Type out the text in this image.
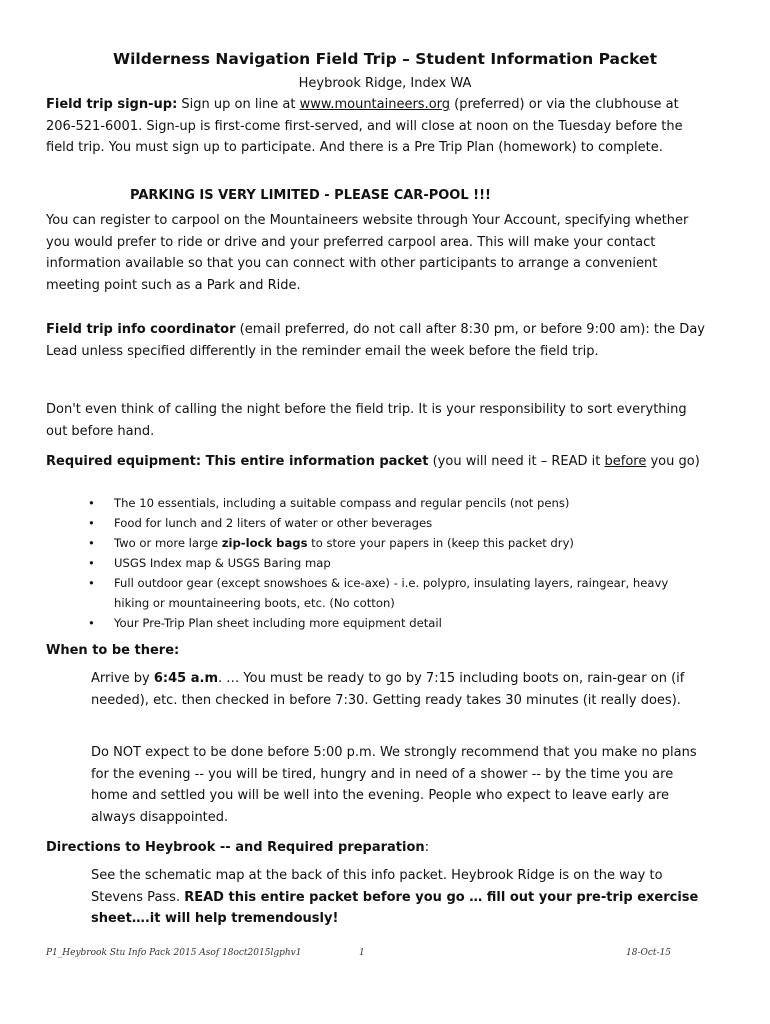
Wilderness Navigation Field Trip – Student Information Packet

Heybrook Ridge, Index WA

Field trip sign-up: Sign up on line at www.mountaineers.org (preferred) or via the clubhouse at 206-521-6001. Sign-up is first-come first-served, and will close at noon on the Tuesday before the field trip. You must sign up to participate. And there is a Pre Trip Plan (homework) to complete.

PARKING IS VERY LIMITED - PLEASE CAR-POOL !!!

You can register to carpool on the Mountaineers website through Your Account, specifying whether you would prefer to ride or drive and your preferred carpool area. This will make your contact information available so that you can connect with other participants to arrange a convenient meeting point such as a Park and Ride.

Field trip info coordinator (email preferred, do not call after 8:30 pm, or before 9:00 am): the Day Lead unless specified differently in the reminder email the week before the field trip.

Don't even think of calling the night before the field trip. It is your responsibility to sort everything out before hand.

Required equipment: This entire information packet (you will need it – READ it before you go)

• The 10 essentials, including a suitable compass and regular pencils (not pens)
• Food for lunch and 2 liters of water or other beverages
• Two or more large zip-lock bags to store your papers in (keep this packet dry)
• USGS Index map & USGS Baring map
• Full outdoor gear (except snowshoes & ice-axe) - i.e. polypro, insulating layers, raingear, heavy hiking or mountaineering boots, etc. (No cotton)
• Your Pre-Trip Plan sheet including more equipment detail

When to be there:

Arrive by 6:45 a.m. … You must be ready to go by 7:15 including boots on, rain-gear on (if needed), etc. then checked in before 7:30. Getting ready takes 30 minutes (it really does).

Do NOT expect to be done before 5:00 p.m. We strongly recommend that you make no plans for the evening -- you will be tired, hungry and in need of a shower -- by the time you are home and settled you will be well into the evening. People who expect to leave early are always disappointed.

Directions to Heybrook -- and Required preparation:

See the schematic map at the back of this info packet. Heybrook Ridge is on the way to Stevens Pass. READ this entire packet before you go … fill out your pre-trip exercise sheet….it will help tremendously!

P1_Heybrook Stu Info Pack 2015 Asof 18oct2015lgphv1	1	18-Oct-15
